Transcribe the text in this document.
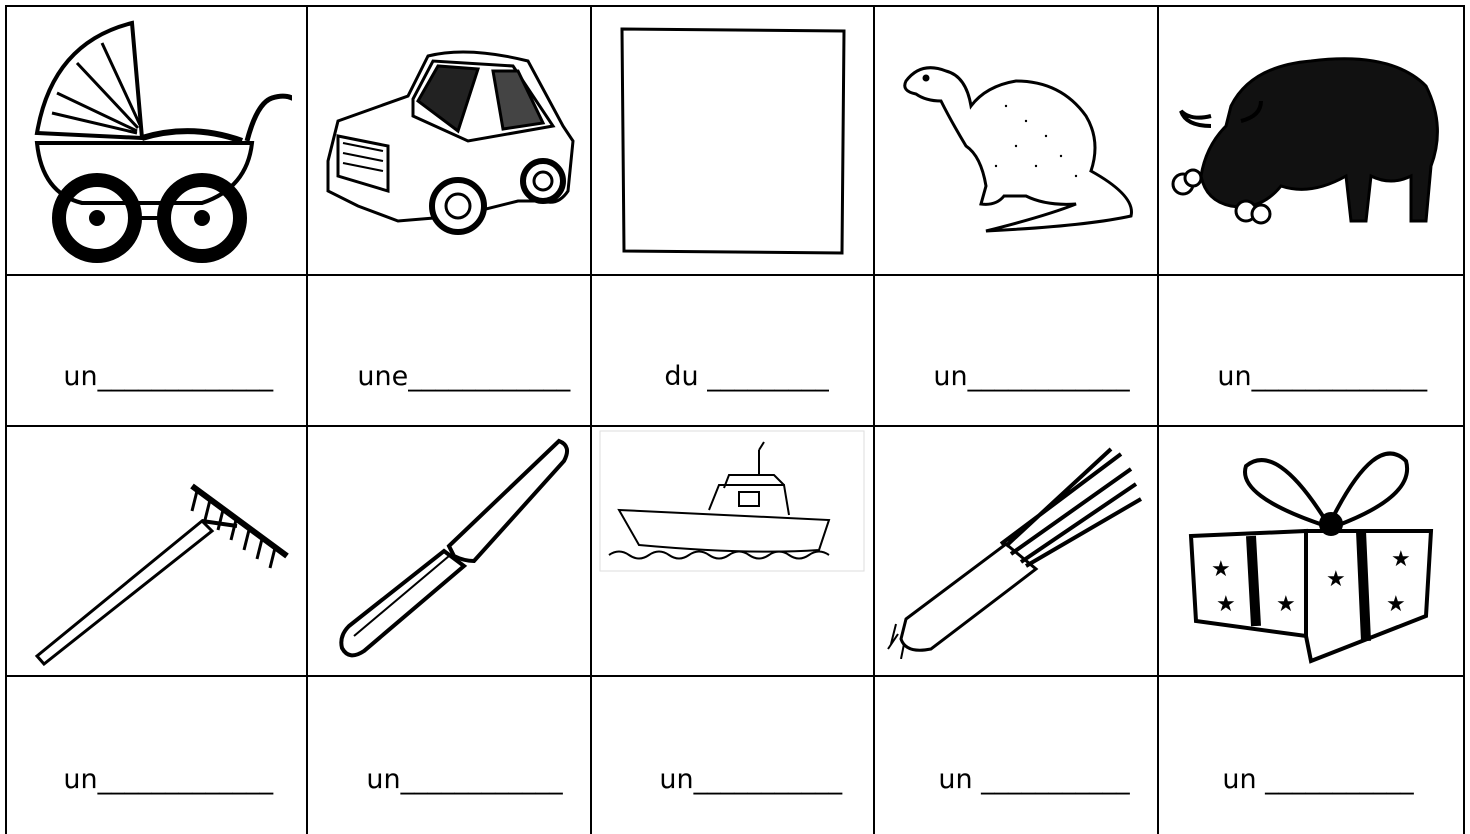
un_____________
	une____________
	du _________
	un____________
	un_____________

★
★
★
★
★
★

un_____________
	un____________
	un___________
	un ___________
	un ___________
